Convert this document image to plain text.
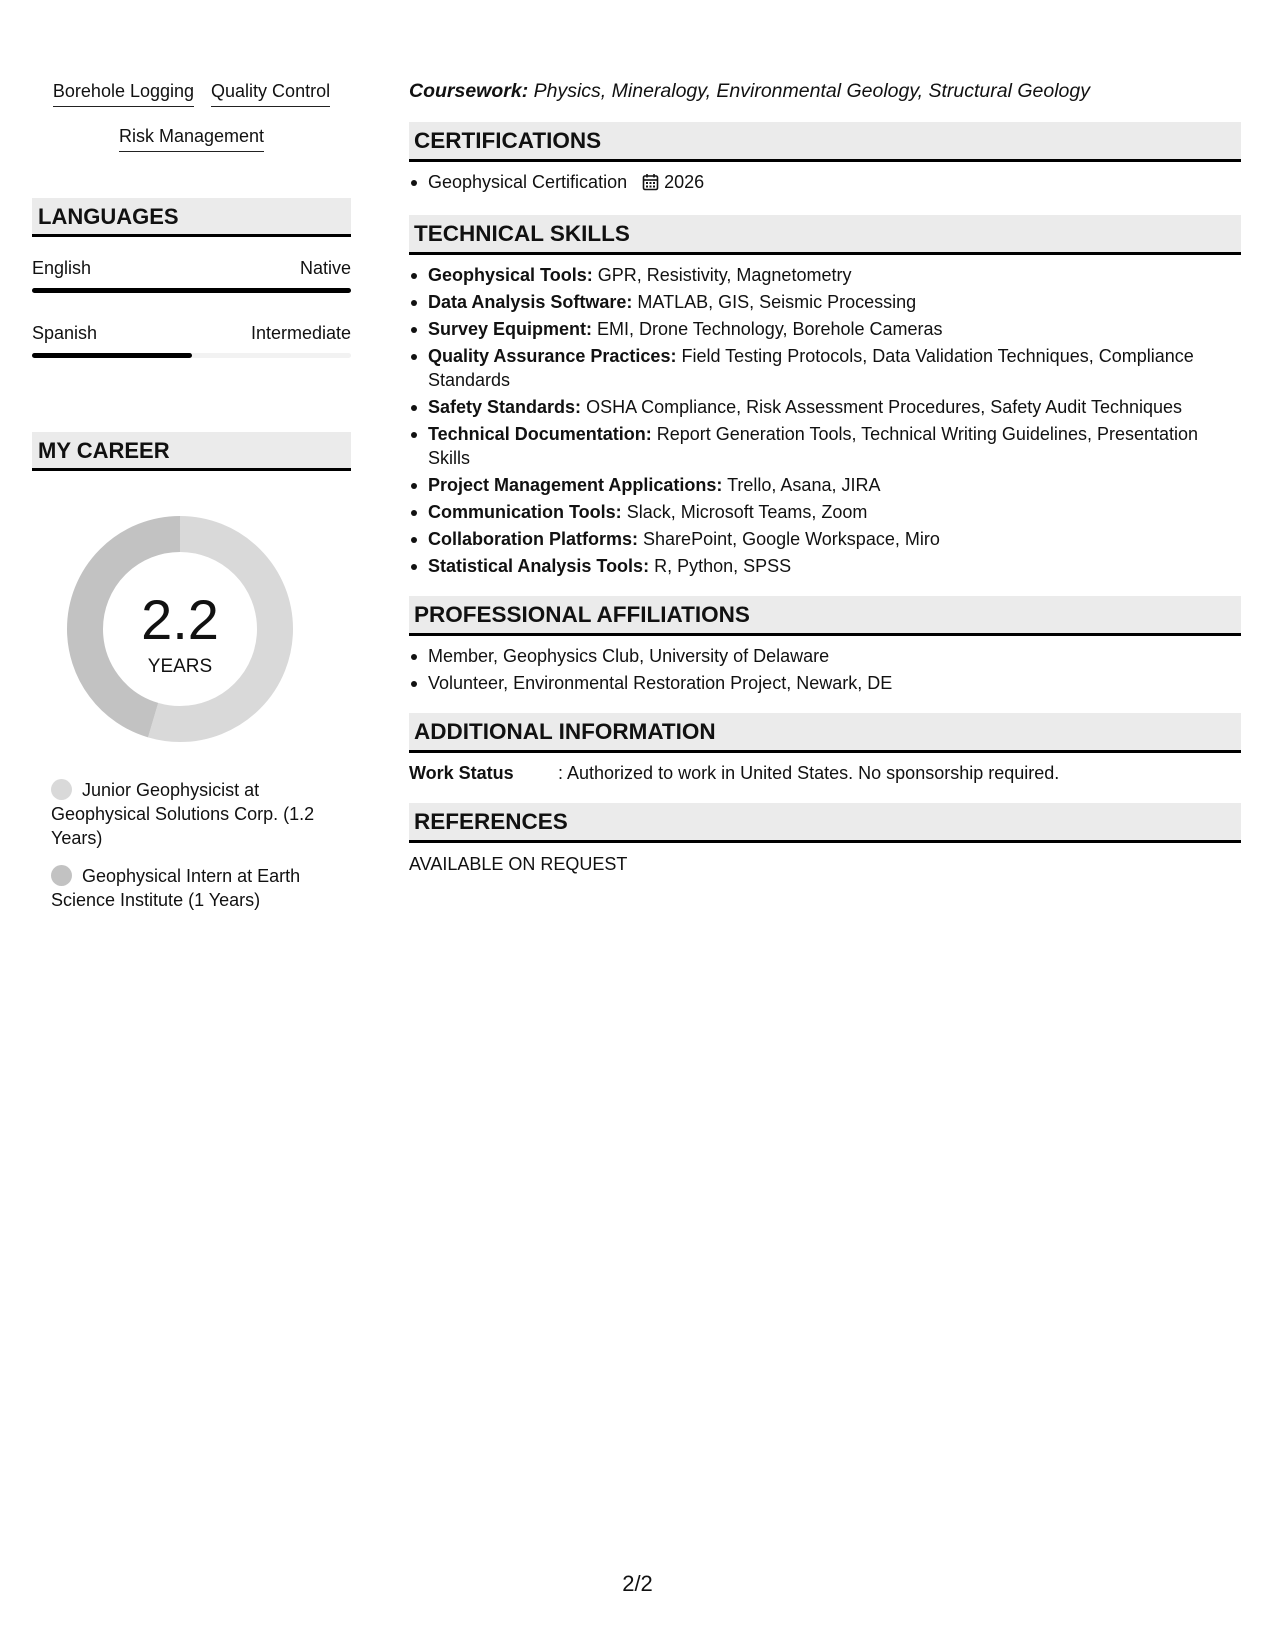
Borehole Logging Quality Control
Risk Management
LANGUAGES
English	Native
Spanish	Intermediate
MY CAREER
2.2
YEARS
Junior Geophysicist at Geophysical Solutions Corp. (1.2 Years)
Geophysical Intern at Earth Science Institute (1 Years)
Coursework: Physics, Mineralogy, Environmental Geology, Structural Geology
CERTIFICATIONS
Geophysical Certification 2026
TECHNICAL SKILLS
Geophysical Tools: GPR, Resistivity, Magnetometry
Data Analysis Software: MATLAB, GIS, Seismic Processing
Survey Equipment: EMI, Drone Technology, Borehole Cameras
Quality Assurance Practices: Field Testing Protocols, Data Validation Techniques, Compliance Standards
Safety Standards: OSHA Compliance, Risk Assessment Procedures, Safety Audit Techniques
Technical Documentation: Report Generation Tools, Technical Writing Guidelines, Presentation Skills
Project Management Applications: Trello, Asana, JIRA
Communication Tools: Slack, Microsoft Teams, Zoom
Collaboration Platforms: SharePoint, Google Workspace, Miro
Statistical Analysis Tools: R, Python, SPSS
PROFESSIONAL AFFILIATIONS
Member, Geophysics Club, University of Delaware
Volunteer, Environmental Restoration Project, Newark, DE
ADDITIONAL INFORMATION
Work Status	: Authorized to work in United States. No sponsorship required.
REFERENCES
AVAILABLE ON REQUEST
2/2
